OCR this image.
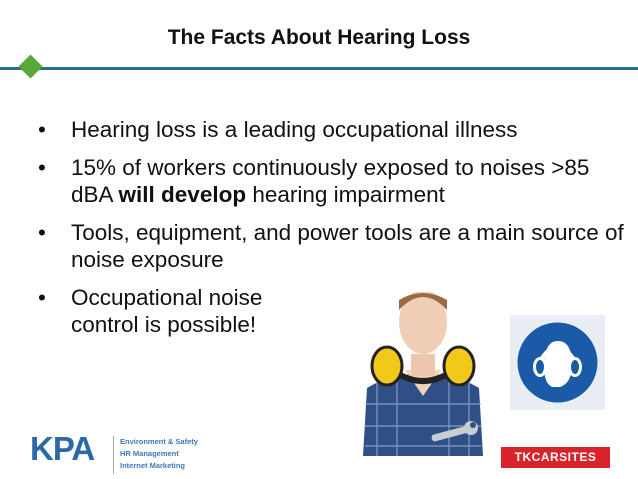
The Facts About Hearing Loss
• Hearing loss is a leading occupational illness
• 15% of workers continuously exposed to noises >85 dBA will develop hearing impairment
• Tools, equipment, and power tools are a main source of noise exposure
• Occupational noise
control is possible!
KPA	Environment & Safety
HR Management
Internet Marketing
TKCARSITES
